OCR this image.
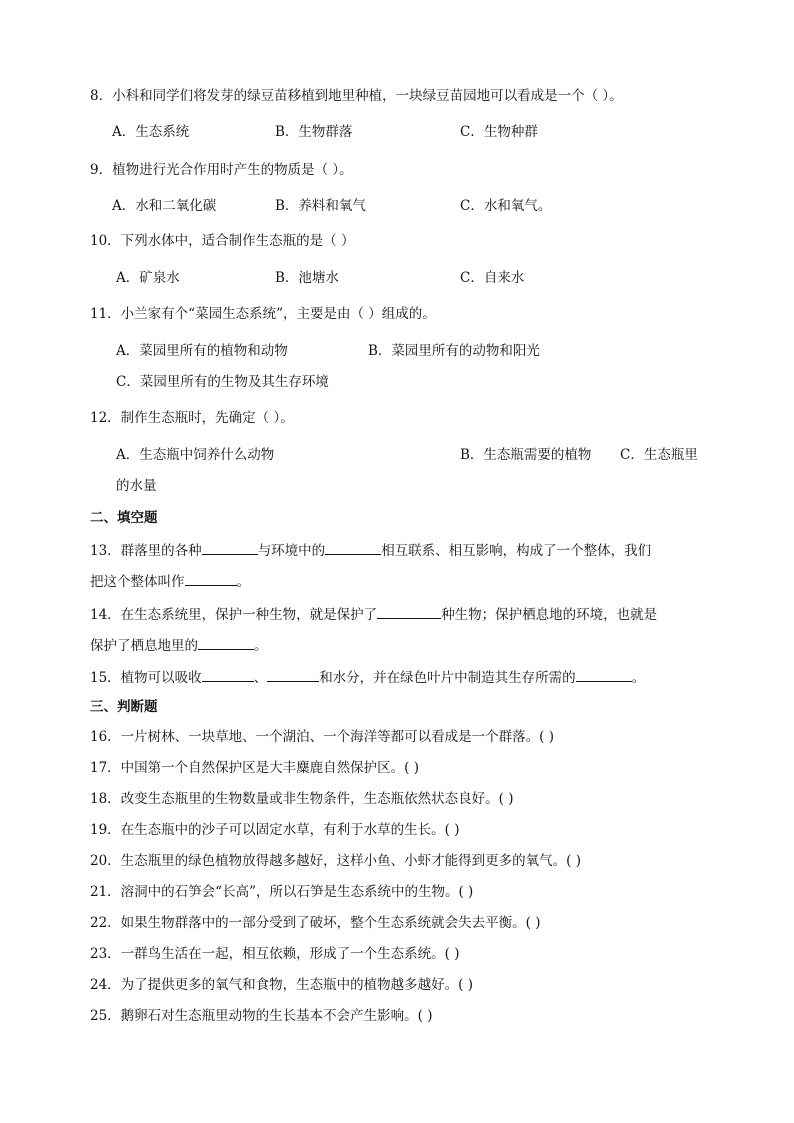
8．小科和同学们将发芽的绿豆苗移植到地里种植，一块绿豆苗园地可以看成是一个（ ）。
A．生态系统	B．生物群落	C．生物种群
9．植物进行光合作用时产生的物质是（ ）。
A．水和二氧化碳	B．养料和氧气	C．水和氧气。
10．下列水体中，适合制作生态瓶的是（ ）
A．矿泉水	B．池塘水	C．自来水
11．小兰家有个“菜园生态系统”，主要是由（ ）组成的。
A．菜园里所有的植物和动物	B．菜园里所有的动物和阳光
C．菜园里所有的生物及其生存环境
12．制作生态瓶时，先确定（ ）。
A．生态瓶中饲养什么动物	B．生态瓶需要的植物 C．生态瓶里
的水量
二、填空题
13．群落里的各种	与环境中的	相互联系、相互影响，构成了一个整体，我们
把这个整体叫作	。
14．在生态系统里，保护一种生物，就是保护了	种生物；保护栖息地的环境，也就是
保护了栖息地里的	。
15．植物可以吸收	、	和水分，并在绿色叶片中制造其生存所需的	。
三、判断题
16．一片树林、一块草地、一个湖泊、一个海洋等都可以看成是一个群落。( )
17．中国第一个自然保护区是大丰麋鹿自然保护区。( )
18．改变生态瓶里的生物数量或非生物条件，生态瓶依然状态良好。( )
19．在生态瓶中的沙子可以固定水草，有利于水草的生长。( )
20．生态瓶里的绿色植物放得越多越好，这样小鱼、小虾才能得到更多的氧气。( )
21．溶洞中的石笋会“长高”，所以石笋是生态系统中的生物。( )
22．如果生物群落中的一部分受到了破坏，整个生态系统就会失去平衡。( )
23．一群鸟生活在一起，相互依赖，形成了一个生态系统。( )
24．为了提供更多的氧气和食物，生态瓶中的植物越多越好。( )
25．鹅卵石对生态瓶里动物的生长基本不会产生影响。( )
